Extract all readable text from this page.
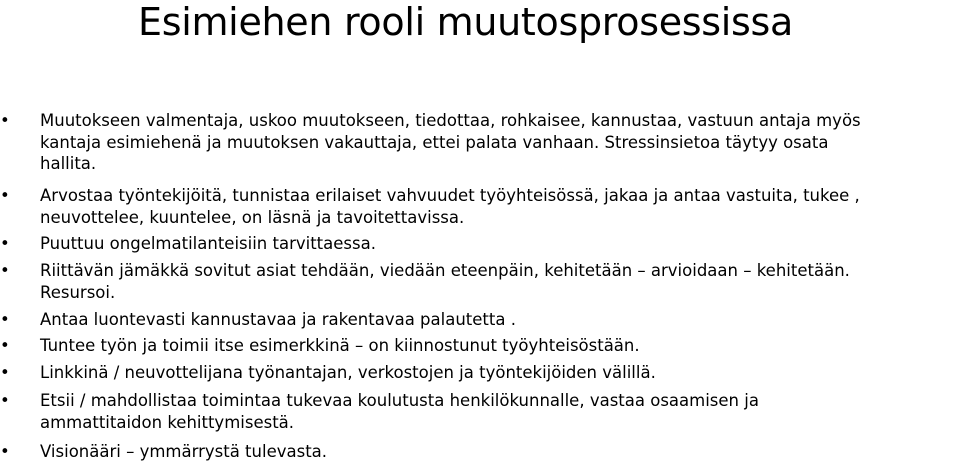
Esimiehen rooli muutosprosessissa
• Muutokseen valmentaja, uskoo muutokseen, tiedottaa, rohkaisee, kannustaa, vastuun antaja myös
kantaja esimiehenä ja muutoksen vakauttaja, ettei palata vanhaan. Stressinsietoa täytyy osata
hallita.
• Arvostaa työntekijöitä, tunnistaa erilaiset vahvuudet työyhteisössä, jakaa ja antaa vastuita, tukee ,
neuvottelee, kuuntelee, on läsnä ja tavoitettavissa.
• Puuttuu ongelmatilanteisiin tarvittaessa.
• Riittävän jämäkkä sovitut asiat tehdään, viedään eteenpäin, kehitetään – arvioidaan – kehitetään.
Resursoi.
• Antaa luontevasti kannustavaa ja rakentavaa palautetta .
• Tuntee työn ja toimii itse esimerkkinä – on kiinnostunut työyhteisöstään.
• Linkkinä / neuvottelijana työnantajan, verkostojen ja työntekijöiden välillä.
• Etsii / mahdollistaa toimintaa tukevaa koulutusta henkilökunnalle, vastaa osaamisen ja
ammattitaidon kehittymisestä.
• Visionääri – ymmärrystä tulevasta.
